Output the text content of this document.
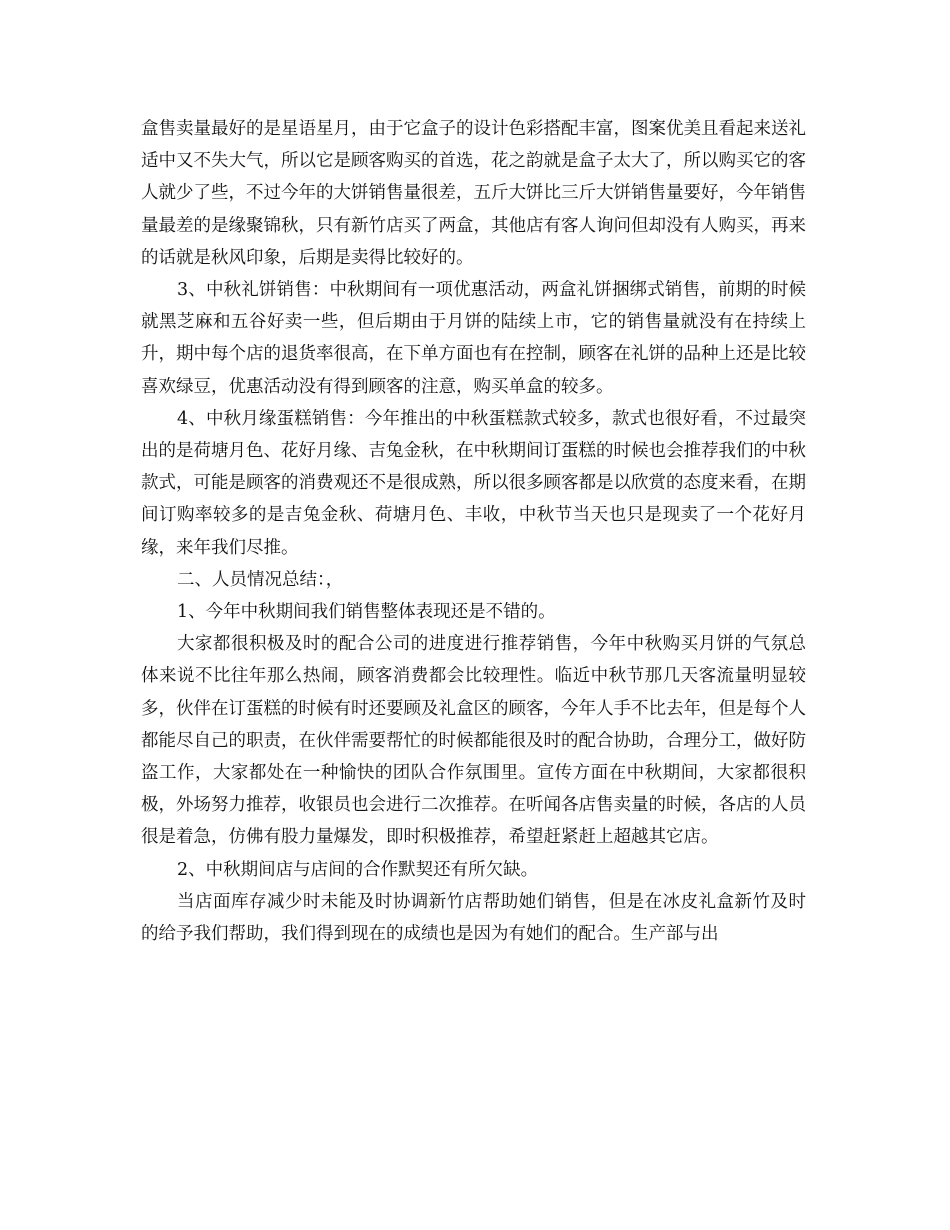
盒售卖量最好的是星语星月，由于它盒子的设计色彩搭配丰富，图案优美且看起来送礼适中又不失大气，所以它是顾客购买的首选，花之韵就是盒子太大了，所以购买它的客人就少了些，不过今年的大饼销售量很差，五斤大饼比三斤大饼销售量要好，今年销售量最差的是缘聚锦秋，只有新竹店买了两盒，其他店有客人询问但却没有人购买，再来的话就是秋风印象，后期是卖得比较好的。

3、中秋礼饼销售：中秋期间有一项优惠活动，两盒礼饼捆绑式销售，前期的时候就黑芝麻和五谷好卖一些，但后期由于月饼的陆续上市，它的销售量就没有在持续上升，期中每个店的退货率很高，在下单方面也有在控制，顾客在礼饼的品种上还是比较喜欢绿豆，优惠活动没有得到顾客的注意，购买单盒的较多。

4、中秋月缘蛋糕销售：今年推出的中秋蛋糕款式较多，款式也很好看，不过最突出的是荷塘月色、花好月缘、吉兔金秋，在中秋期间订蛋糕的时候也会推荐我们的中秋款式，可能是顾客的消费观还不是很成熟，所以很多顾客都是以欣赏的态度来看，在期间订购率较多的是吉兔金秋、荷塘月色、丰收，中秋节当天也只是现卖了一个花好月缘，来年我们尽推。

二、人员情况总结：，

1、今年中秋期间我们销售整体表现还是不错的。

大家都很积极及时的配合公司的进度进行推荐销售，今年中秋购买月饼的气氛总体来说不比往年那么热闹，顾客消费都会比较理性。临近中秋节那几天客流量明显较多，伙伴在订蛋糕的时候有时还要顾及礼盒区的顾客，今年人手不比去年，但是每个人都能尽自己的职责，在伙伴需要帮忙的时候都能很及时的配合协助，合理分工，做好防盗工作，大家都处在一种愉快的团队合作氛围里。宣传方面在中秋期间，大家都很积极，外场努力推荐，收银员也会进行二次推荐。在听闻各店售卖量的时候，各店的人员很是着急，仿佛有股力量爆发，即时积极推荐，希望赶紧赶上超越其它店。

2、中秋期间店与店间的合作默契还有所欠缺。

当店面库存减少时未能及时协调新竹店帮助她们销售，但是在冰皮礼盒新竹及时的给予我们帮助，我们得到现在的成绩也是因为有她们的配合。生产部与出
